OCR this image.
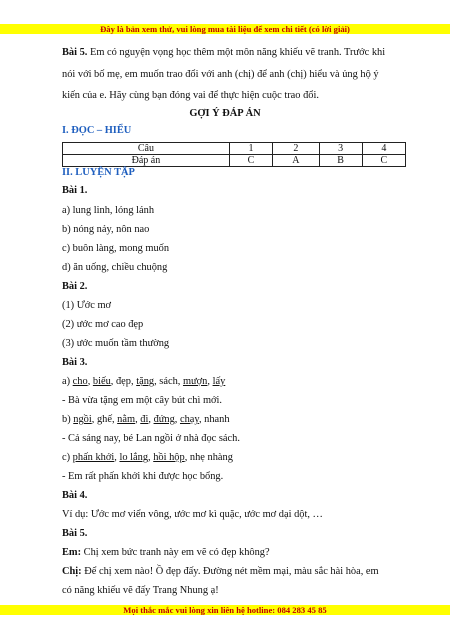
Đây là bản xem thử, vui lòng mua tài liệu để xem chi tiết (có lời giải)
Bài 5. Em có nguyện vọng học thêm một môn năng khiếu vẽ tranh. Trước khi
nói với bố mẹ, em muốn trao đổi với anh (chị) để anh (chị) hiểu và ủng hộ ý
kiến của e. Hãy cùng bạn đóng vai để thực hiện cuộc trao đổi.
GỢI Ý ĐÁP ÁN
I. ĐỌC – HIỂU
Câu	1	2	3	4
Đáp án	C	A	B	C
II. LUYỆN TẬP
Bài 1.
a) lung linh, lóng lánh
b) nóng nảy, nôn nao
c) buôn làng, mong muốn
d) ăn uống, chiều chuộng
Bài 2.
(1) Ước mơ
(2) ước mơ cao đẹp
(3) ước muốn tầm thường
Bài 3.
a) cho, biếu, đẹp, tặng, sách, mượn, lấy
- Bà vừa tặng em một cây bút chì mới.
b) ngồi, ghế, nằm, đi, đứng, chạy, nhanh
- Cả sáng nay, bé Lan ngồi ở nhà đọc sách.
c) phấn khởi, lo lắng, hồi hộp, nhẹ nhàng
- Em rất phấn khởi khi được học bổng.
Bài 4.
Ví dụ: Ước mơ viển vông, ước mơ kì quặc, ước mơ dại dột, …
Bài 5.
Em: Chị xem bức tranh này em vẽ có đẹp không?
Chị: Để chị xem nào! Ồ đẹp đấy. Đường nét mềm mại, màu sắc hài hòa, em
có năng khiếu vẽ đấy Trang Nhung ạ!
Mọi thắc mắc vui lòng xin liên hệ hotline: 084 283 45 85
